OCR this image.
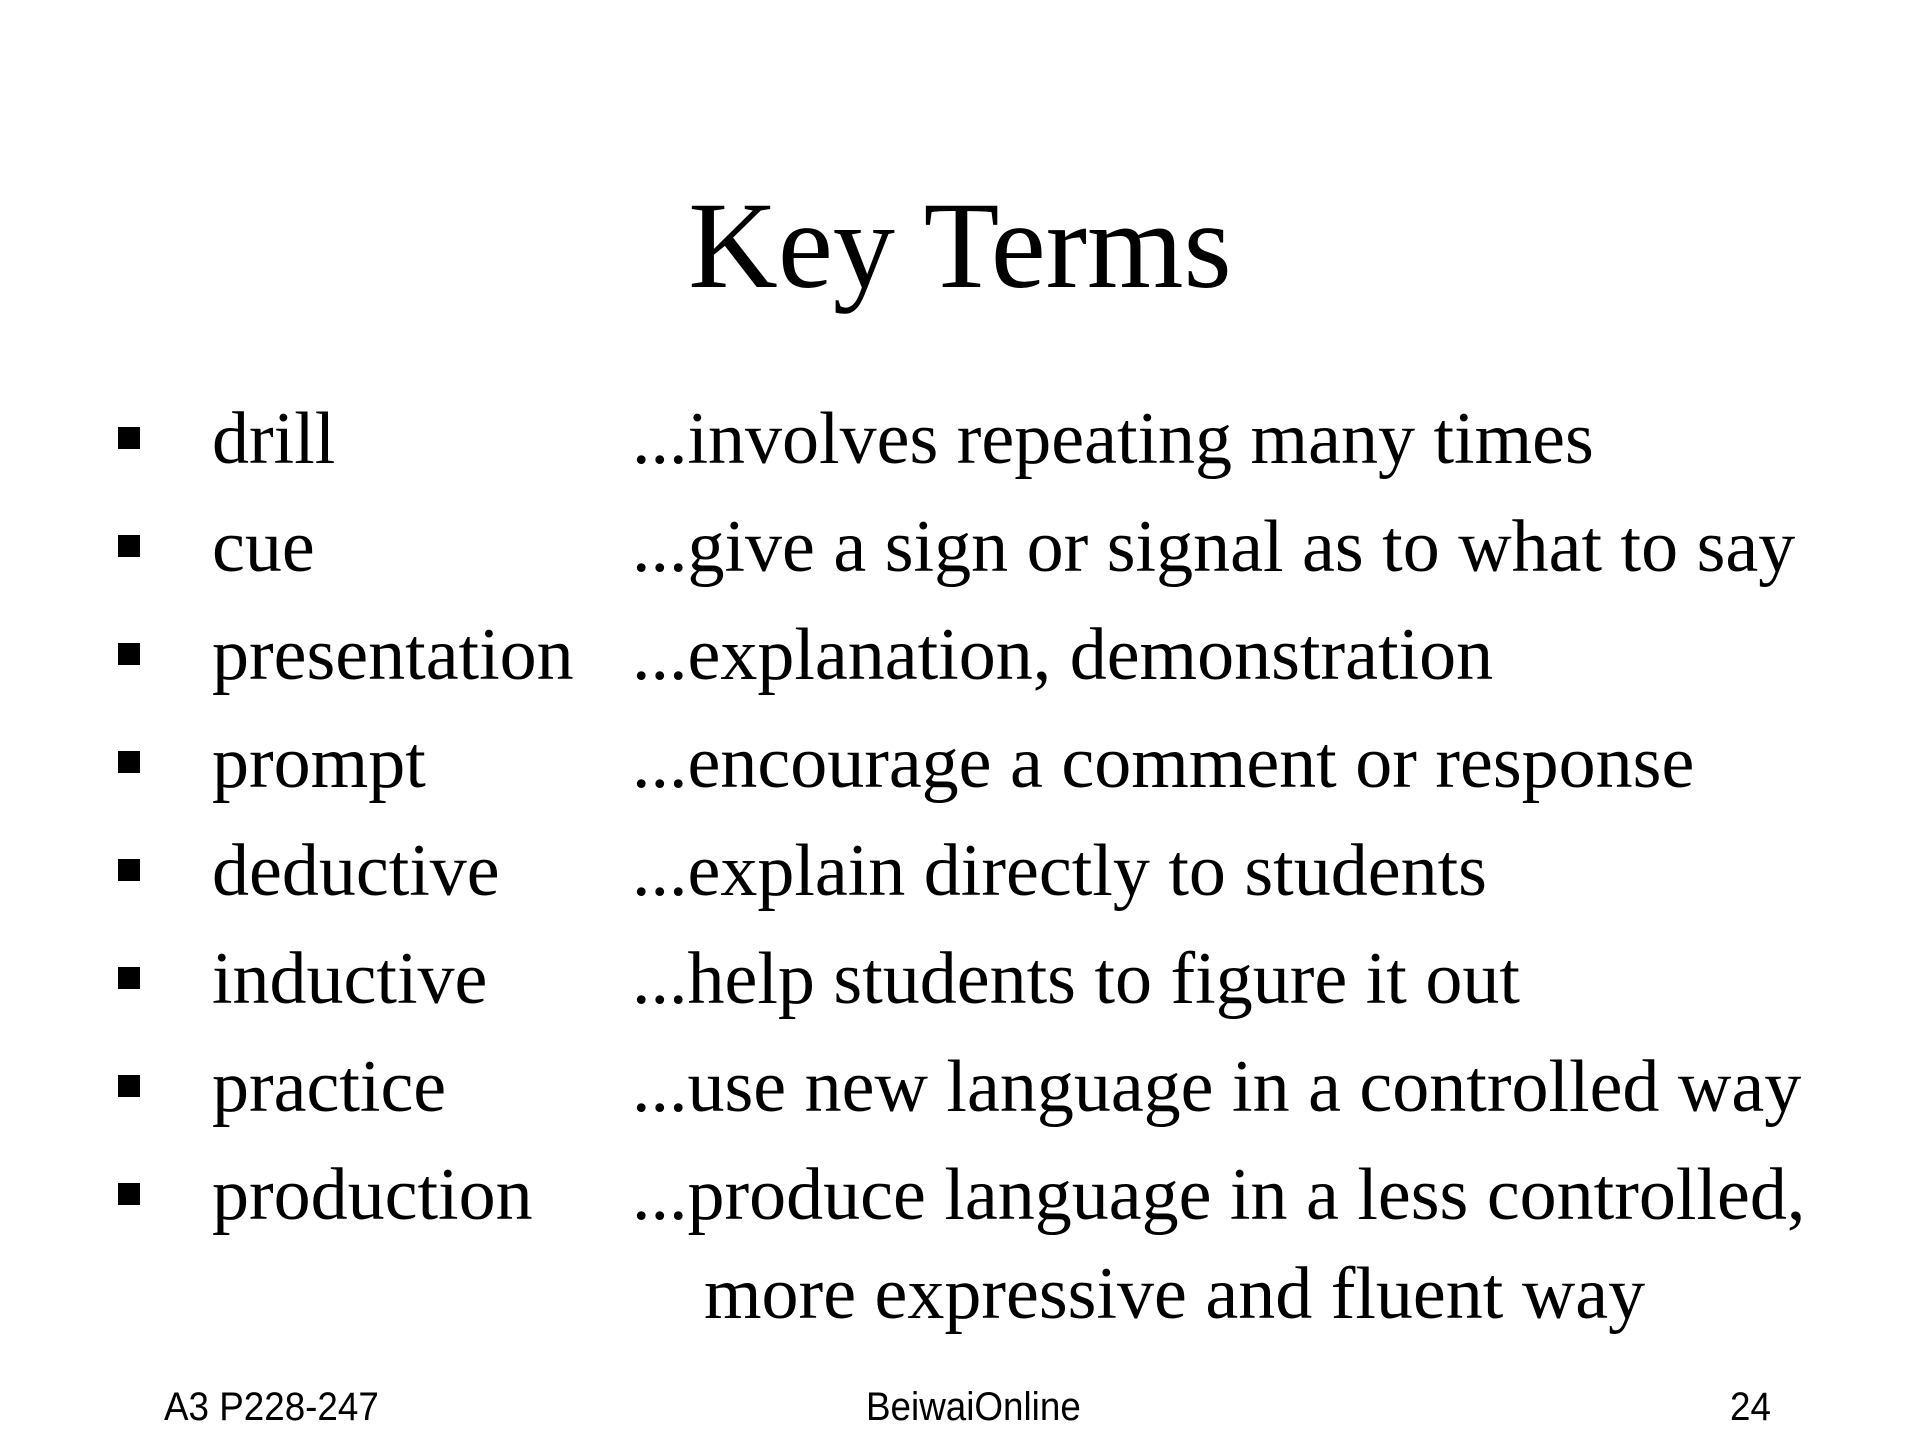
Key Terms
drill	...involves repeating many times
cue	...give a sign or signal as to what to say
presentation ...explanation, demonstration
prompt	...encourage a comment or response
deductive	...explain directly to students
inductive	...help students to figure it out
practice	...use new language in a controlled way
production	...produce language in a less controlled,
more expressive and fluent way
A3 P228-247	BeiwaiOnline	24
